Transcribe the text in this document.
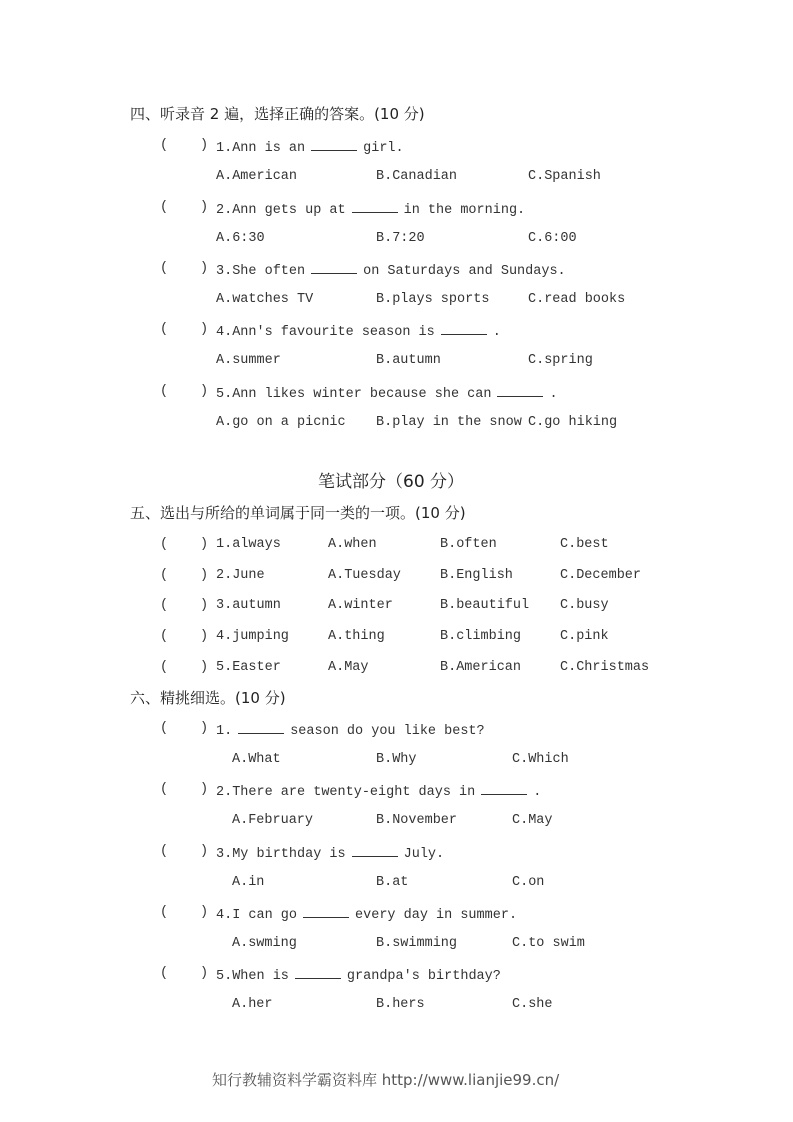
四、听录音 2 遍，选择正确的答案。(10 分)
笔试部分（60 分）
五、选出与所给的单词属于同一类的一项。(10 分)
六、精挑细选。(10 分)
知行教辅资料学霸资料库 http://www.lianjie99.cn/
( ) 1.Ann is an	girl.
A.American	B.Canadian	C.Spanish
( ) 2.Ann gets up at	in the morning.
A.6:30	B.7:20	C.6:00
( ) 3.She often	on Saturdays and Sundays.
A.watches TV	B.plays sports	C.read books
( ) 4.Ann's favourite season is	.
A.summer	B.autumn	C.spring
( ) 5.Ann likes winter because she can	.
A.go on a picnic B.play in the snow C.go hiking
( ) 1.always	A.when	B.often	C.best
( ) 2.June	A.Tuesday	B.English	C.December
( ) 3.autumn	A.winter	B.beautiful C.busy
( ) 4.jumping	A.thing	B.climbing	C.pink
( ) 5.Easter	A.May	B.American	C.Christmas
( ) 1.	season do you like best?
A.What	B.Why	C.Which
( ) 2.There are twenty-eight days in	.
A.February	B.November	C.May
( ) 3.My birthday is	July.
A.in	B.at	C.on
( ) 4.I can go	every day in summer.
A.swming	B.swimming	C.to swim
( ) 5.When is	grandpa's birthday?
A.her	B.hers	C.she
